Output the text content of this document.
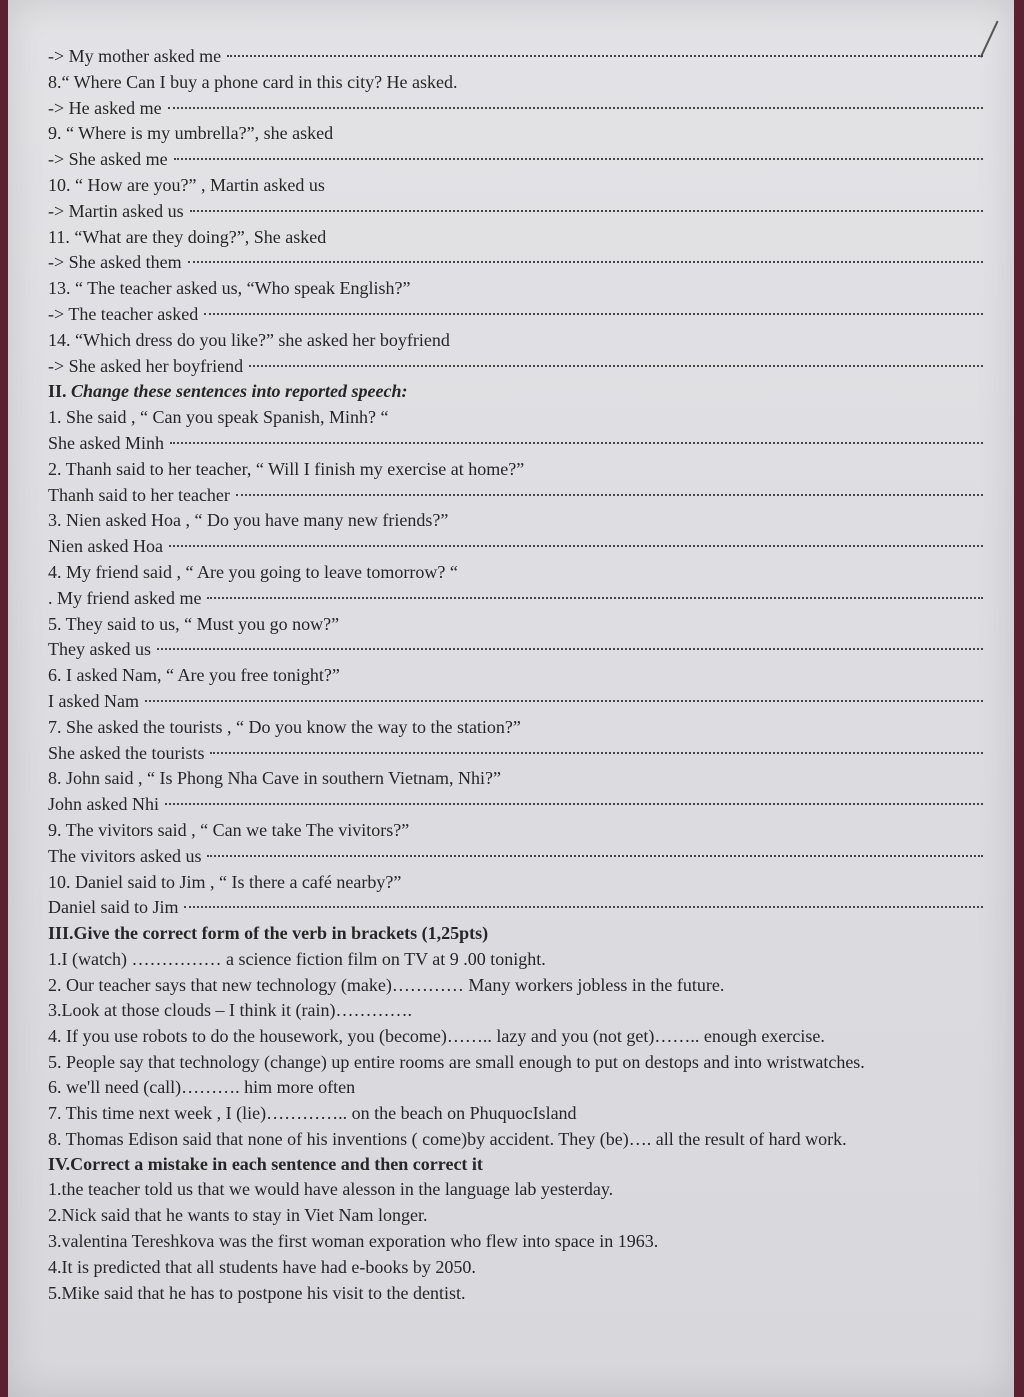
-> My mother asked me
8.“ Where Can I buy a phone card in this city? He asked.
-> He asked me
9. “ Where is my umbrella?”, she asked
-> She asked me
10. “ How are you?” , Martin asked us
-> Martin asked us
11. “What are they doing?”, She asked
-> She asked them
13. “ The teacher asked us, “Who speak English?”
-> The teacher asked
14. “Which dress do you like?” she asked her boyfriend
-> She asked her boyfriend
II.
Change these sentences into reported speech:
1. She said , “ Can you speak Spanish, Minh? “
She asked Minh
2. Thanh said to her teacher, “ Will I finish my exercise at home?”
Thanh said to her teacher
3. Nien asked Hoa , “ Do you have many new friends?”
Nien asked Hoa
4. My friend said , “ Are you going to leave tomorrow? “
. My friend asked me
5. They said to us, “ Must you go now?”
They asked us
6. I asked Nam, “ Are you free tonight?”
I asked Nam
7. She asked the tourists , “ Do you know the way to the station?”
She asked the tourists
8. John said , “ Is Phong Nha Cave in southern Vietnam, Nhi?”
John asked Nhi
9. The vivitors said , “ Can we take The vivitors?”
The vivitors asked us
10. Daniel said to Jim , “ Is there a café nearby?”
Daniel said to Jim
III.Give the correct form of the verb in brackets (1,25pts)
1.I (watch) …………… a science fiction film on TV at 9 .00 tonight.
2. Our teacher says that new technology (make)………… Many workers jobless in the future.
3.Look at those clouds – I think it (rain)………….
4. If you use robots to do the housework, you (become)…….. lazy and you (not get)…….. enough exercise.
5. People say that technology (change) up entire rooms are small enough to put on destops and into wristwatches.
6. we'll need (call)………. him more often
7. This time next week , I (lie)………….. on the beach on PhuquocIsland
8. Thomas Edison said that none of his inventions ( come)by accident. They (be)…. all the result of hard work.
IV.Correct a mistake in each sentence and then correct it
1.the teacher told us that we would have alesson in the language lab yesterday.
2.Nick said that he wants to stay in Viet Nam longer.
3.valentina Tereshkova was the first woman exporation who flew into space in 1963.
4.It is predicted that all students have had e-books by 2050.
5.Mike said that he has to postpone his visit to the dentist.
